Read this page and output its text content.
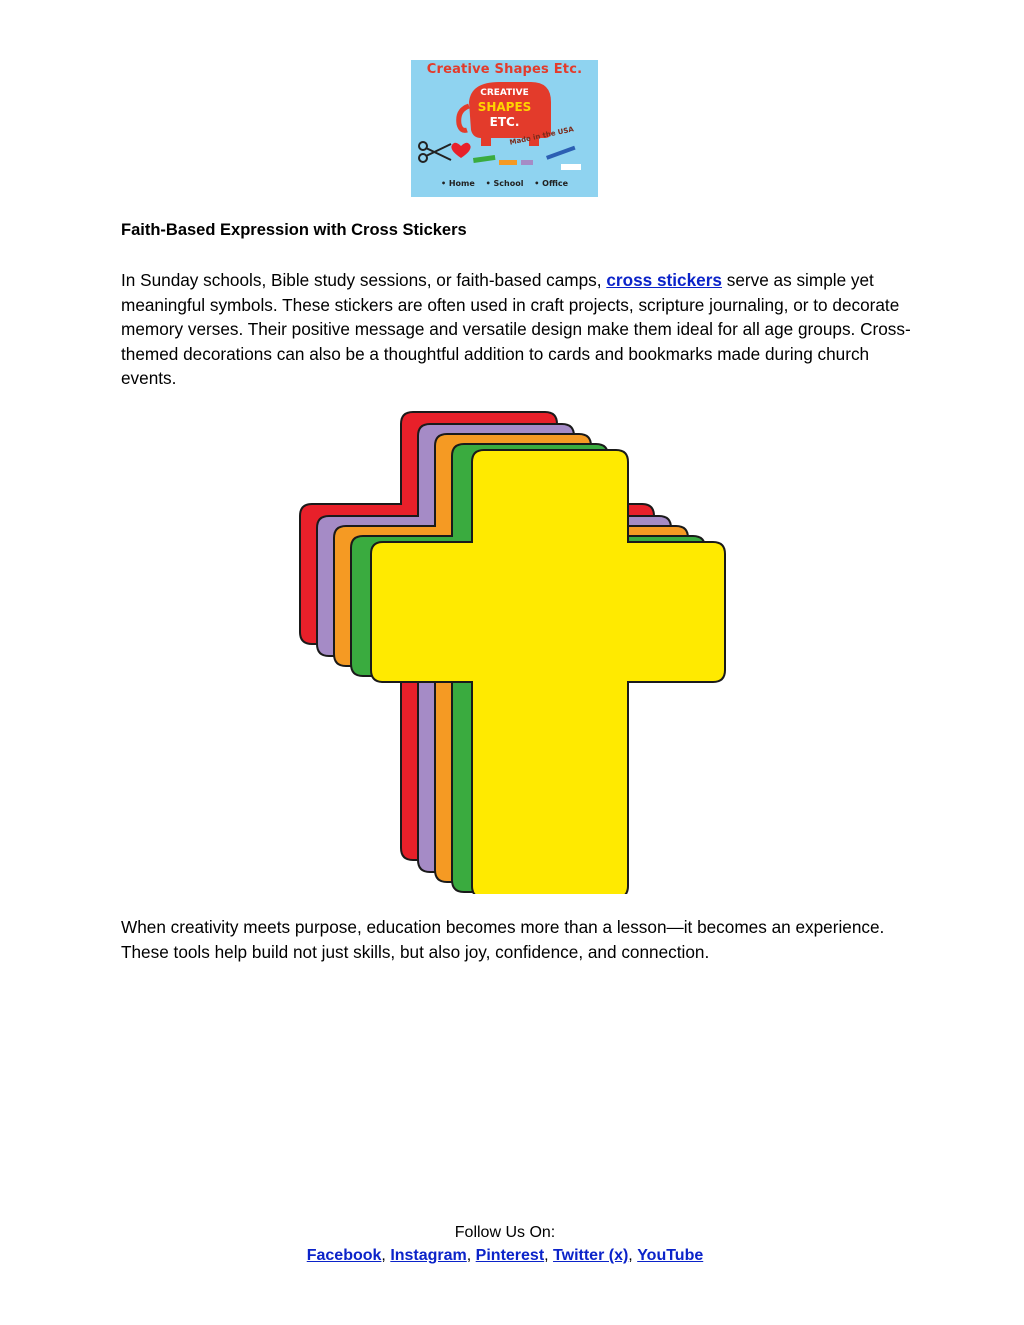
Creative Shapes Etc.
CREATIVE
SHAPES
ETC.
Made in the USA
• Home • School • Office
Faith-Based Expression with Cross Stickers

In Sunday schools, Bible study sessions, or faith-based camps, cross stickers serve as simple yet meaningful symbols. These stickers are often used in craft projects, scripture journaling, or to decorate memory verses. Their positive message and versatile design make them ideal for all age groups. Cross-themed decorations can also be a thoughtful addition to cards and bookmarks made during church events.

When creativity meets purpose, education becomes more than a lesson—it becomes an experience. These tools help build not just skills, but also joy, confidence, and connection.

Follow Us On:
Facebook, Instagram, Pinterest, Twitter (x), YouTube
